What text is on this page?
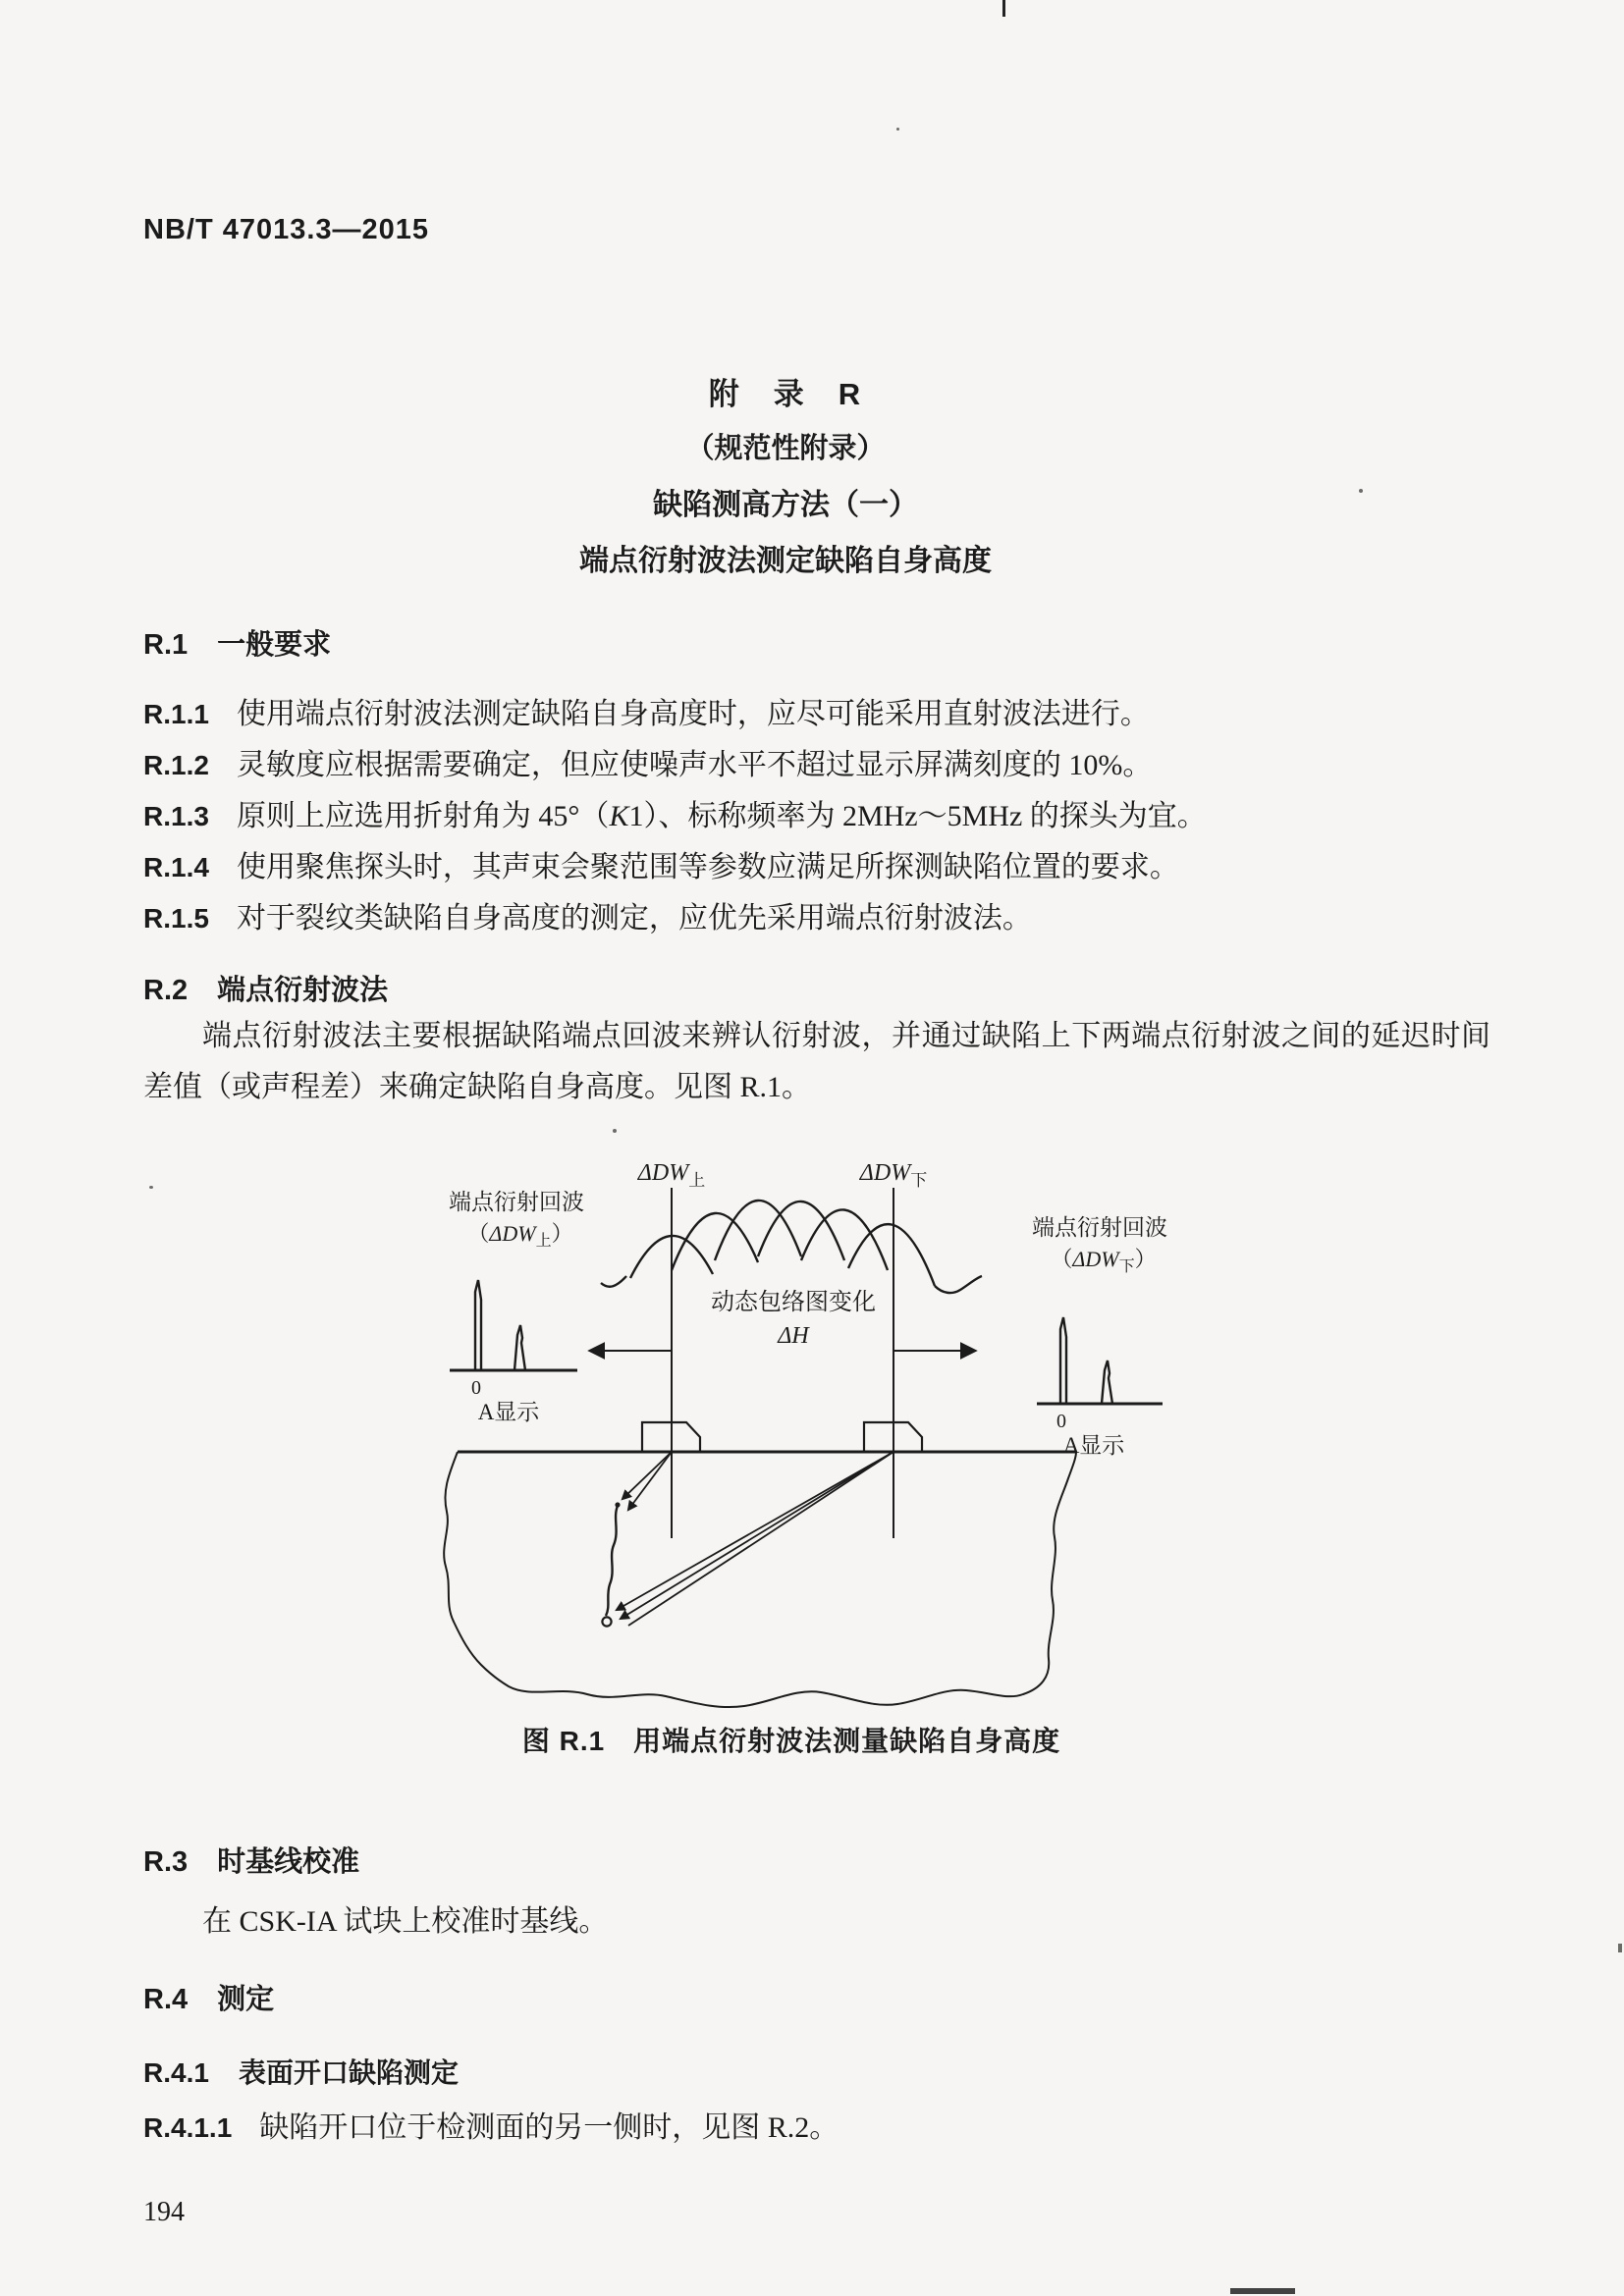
NB/T 47013.3—2015
附　录　R
（规范性附录）
缺陷测高方法（一）
端点衍射波法测定缺陷自身高度
R.1 一般要求
R.1.1 使用端点衍射波法测定缺陷自身高度时，应尽可能采用直射波法进行。
R.1.2 灵敏度应根据需要确定，但应使噪声水平不超过显示屏满刻度的 10%。
R.1.3 原则上应选用折射角为 45°（K1）、标称频率为 2MHz～5MHz 的探头为宜。
R.1.4 使用聚焦探头时，其声束会聚范围等参数应满足所探测缺陷位置的要求。
R.1.5 对于裂纹类缺陷自身高度的测定，应优先采用端点衍射波法。
R.2 端点衍射波法
端点衍射波法主要根据缺陷端点回波来辨认衍射波，并通过缺陷上下两端点衍射波之间的延迟时间差值（或声程差）来确定缺陷自身高度。见图 R.1。
$\Delta DW_上$	$\Delta DW_下$
动态包络图变化
ΔH
0
A显示
端点衍射回波
$(\Delta DW_上)$
0
A显示
端点衍射回波
$(\Delta DW_下)$
图 R.1　用端点衍射波法测量缺陷自身高度
R.3 时基线校准
在 CSK-IA 试块上校准时基线。
R.4 测定
R.4.1 表面开口缺陷测定
R.4.1.1 缺陷开口位于检测面的另一侧时，见图 R.2。
194
